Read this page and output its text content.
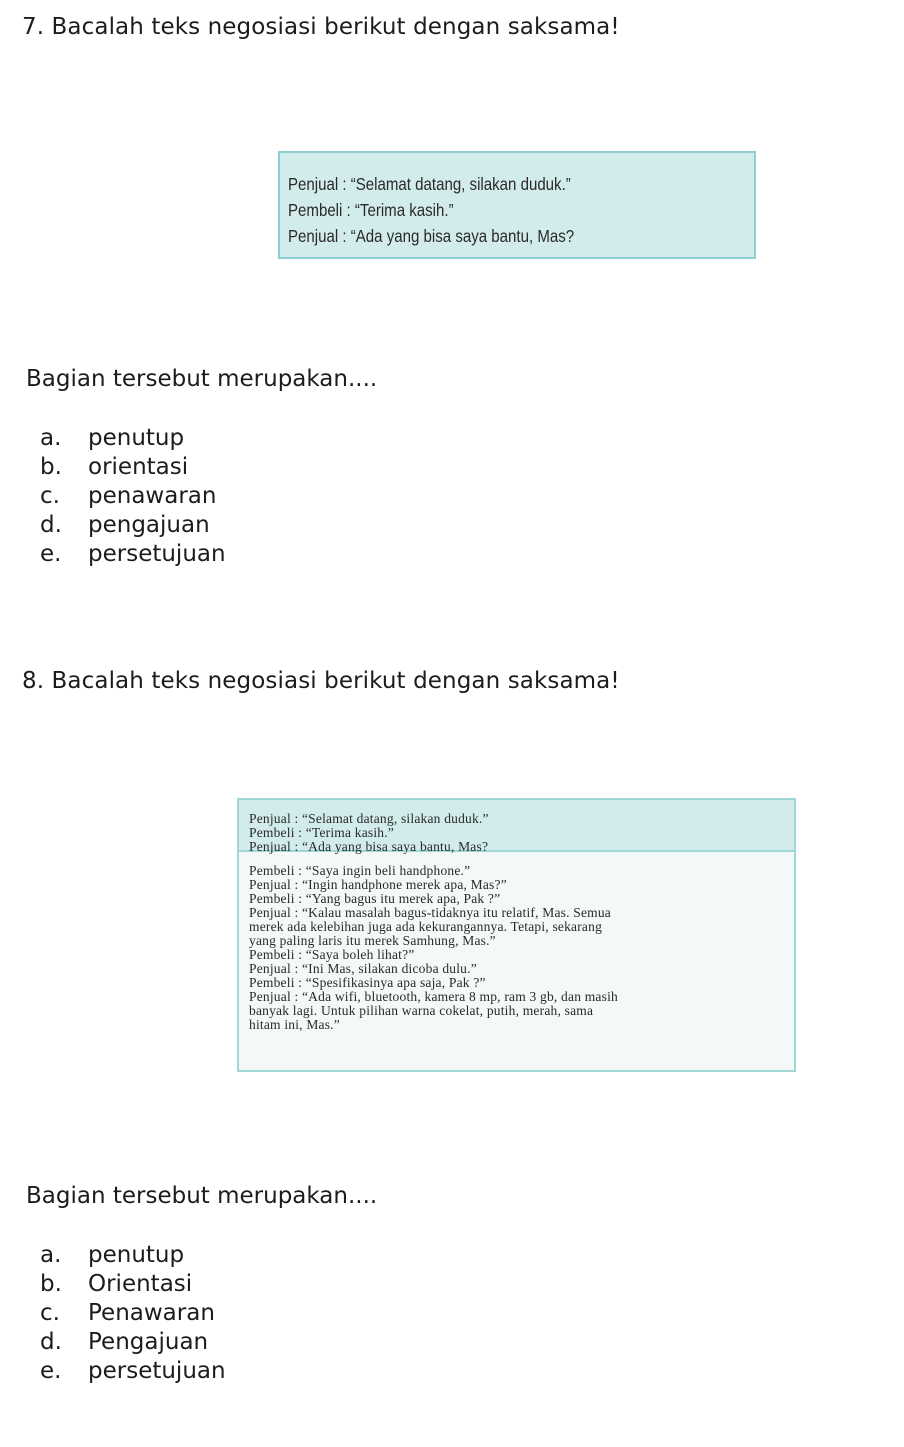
7. Bacalah teks negosiasi berikut dengan saksama!
Penjual : “Selamat datang, silakan duduk.”
Pembeli : “Terima kasih.”
Penjual : “Ada yang bisa saya bantu, Mas?
Bagian tersebut merupakan....
a.	penutup
b.	orientasi
c.	penawaran
d.	pengajuan
e.	persetujuan
8. Bacalah teks negosiasi berikut dengan saksama!
Penjual : “Selamat datang, silakan duduk.”
Pembeli : “Terima kasih.”
Penjual : “Ada yang bisa saya bantu, Mas?
Pembeli : “Saya ingin beli handphone.”
Penjual : “Ingin handphone merek apa, Mas?”
Pembeli : “Yang bagus itu merek apa, Pak ?”
Penjual : “Kalau masalah bagus-tidaknya itu relatif, Mas. Semua
merek ada kelebihan juga ada kekurangannya. Tetapi, sekarang
yang paling laris itu merek Samhung, Mas.”
Pembeli : “Saya boleh lihat?”
Penjual : “Ini Mas, silakan dicoba dulu.”
Pembeli : “Spesifikasinya apa saja, Pak ?”
Penjual : “Ada wifi, bluetooth, kamera 8 mp, ram 3 gb, dan masih
banyak lagi. Untuk pilihan warna cokelat, putih, merah, sama
hitam ini, Mas.”
Bagian tersebut merupakan....
a.	penutup
b.	Orientasi
c.	Penawaran
d.	Pengajuan
e.	persetujuan
